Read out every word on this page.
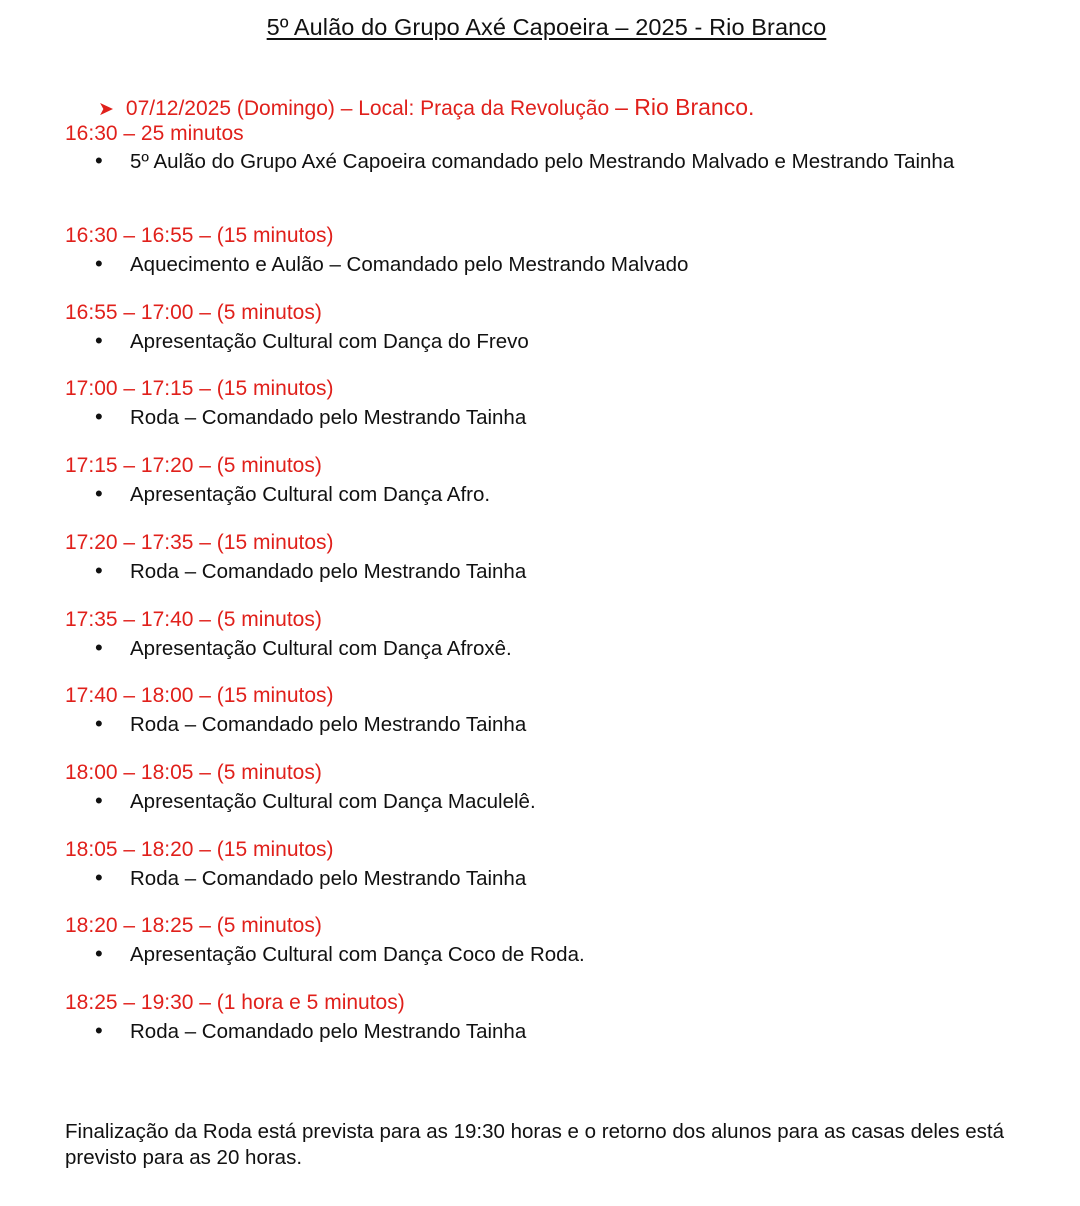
5º Aulão do Grupo Axé Capoeira – 2025 - Rio Branco
➤ 07/12/2025 (Domingo) – Local: Praça da Revolução – Rio Branco.
16:30 – 25 minutos
• 5º Aulão do Grupo Axé Capoeira comandado pelo Mestrando Malvado e Mestrando Tainha
16:30 – 16:55 – (15 minutos)
• Aquecimento e Aulão – Comandado pelo Mestrando Malvado
16:55 – 17:00 – (5 minutos)
• Apresentação Cultural com Dança do Frevo
17:00 – 17:15 – (15 minutos)
• Roda – Comandado pelo Mestrando Tainha
17:15 – 17:20 – (5 minutos)
• Apresentação Cultural com Dança Afro.
17:20 – 17:35 – (15 minutos)
• Roda – Comandado pelo Mestrando Tainha
17:35 – 17:40 – (5 minutos)
• Apresentação Cultural com Dança Afroxê.
17:40 – 18:00 – (15 minutos)
• Roda – Comandado pelo Mestrando Tainha
18:00 – 18:05 – (5 minutos)
• Apresentação Cultural com Dança Maculelê.
18:05 – 18:20 – (15 minutos)
• Roda – Comandado pelo Mestrando Tainha
18:20 – 18:25 – (5 minutos)
• Apresentação Cultural com Dança Coco de Roda.
18:25 – 19:30 – (1 hora e 5 minutos)
• Roda – Comandado pelo Mestrando Tainha
Finalização da Roda está prevista para as 19:30 horas e o retorno dos alunos para as casas deles está previsto para as 20 horas.
